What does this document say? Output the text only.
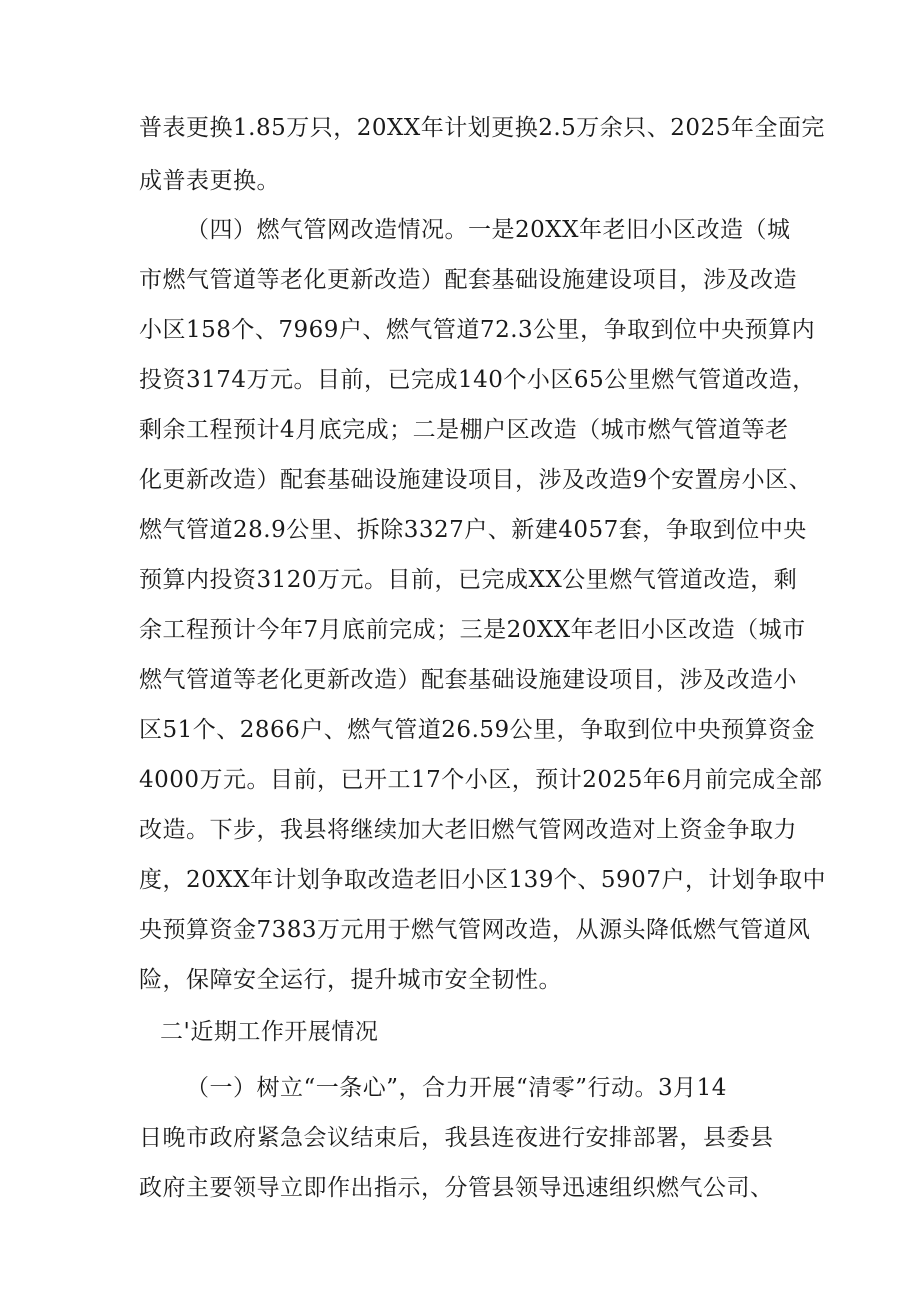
普表更换1.85万只，20XX年计划更换2.5万余只、2025年全面完
成普表更换。
（四）燃气管网改造情况。一是20XX年老旧小区改造（城
市燃气管道等老化更新改造）配套基础设施建设项目，涉及改造
小区158个、7969户、燃气管道72.3公里，争取到位中央预算内
投资3174万元。目前，已完成140个小区65公里燃气管道改造，
剩余工程预计4月底完成；二是棚户区改造（城市燃气管道等老
化更新改造）配套基础设施建设项目，涉及改造9个安置房小区、
燃气管道28.9公里、拆除3327户、新建4057套，争取到位中央
预算内投资3120万元。目前，已完成XX公里燃气管道改造，剩
余工程预计今年7月底前完成；三是20XX年老旧小区改造（城市
燃气管道等老化更新改造）配套基础设施建设项目，涉及改造小
区51个、2866户、燃气管道26.59公里，争取到位中央预算资金
4000万元。目前，已开工17个小区，预计2025年6月前完成全部
改造。下步，我县将继续加大老旧燃气管网改造对上资金争取力
度，20XX年计划争取改造老旧小区139个、5907户，计划争取中
央预算资金7383万元用于燃气管网改造，从源头降低燃气管道风
险，保障安全运行，提升城市安全韧性。
二'近期工作开展情况
（一）树立“一条心”，合力开展“清零”行动。3月14
日晚市政府紧急会议结束后，我县连夜进行安排部署，县委县
政府主要领导立即作出指示，分管县领导迅速组织燃气公司、
